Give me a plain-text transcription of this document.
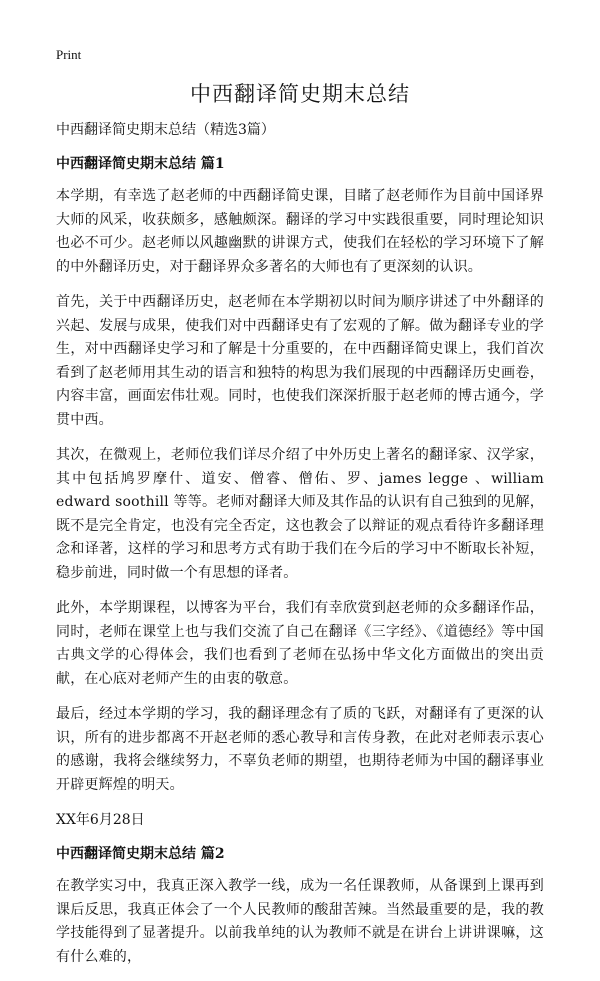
Print
中西翻译简史期末总结
中西翻译简史期末总结（精选3篇）
中西翻译简史期末总结 篇1

本学期，有幸选了赵老师的中西翻译简史课，目睹了赵老师作为目前中国译界大师的风采，收获颇多，感触颇深。翻译的学习中实践很重要，同时理论知识也必不可少。赵老师以风趣幽默的讲课方式，使我们在轻松的学习环境下了解的中外翻译历史，对于翻译界众多著名的大师也有了更深刻的认识。

首先，关于中西翻译历史，赵老师在本学期初以时间为顺序讲述了中外翻译的兴起、发展与成果，使我们对中西翻译史有了宏观的了解。做为翻译专业的学生，对中西翻译史学习和了解是十分重要的，在中西翻译简史课上，我们首次看到了赵老师用其生动的语言和独特的构思为我们展现的中西翻译历史画卷，内容丰富，画面宏伟壮观。同时，也使我们深深折服于赵老师的博古通今，学贯中西。

其次，在微观上，老师位我们详尽介绍了中外历史上著名的翻译家、汉学家，其中包括鸠罗摩什、道安、僧睿、僧佑、罗、james legge 、william　edward soothill 等等。老师对翻译大师及其作品的认识有自己独到的见解，既不是完全肯定，也没有完全否定，这也教会了以辩证的观点看待许多翻译理念和译著，这样的学习和思考方式有助于我们在今后的学习中不断取长补短，稳步前进，同时做一个有思想的译者。

此外，本学期课程，以博客为平台，我们有幸欣赏到赵老师的众多翻译作品，同时，老师在课堂上也与我们交流了自己在翻译《三字经》、《道德经》等中国古典文学的心得体会，我们也看到了老师在弘扬中华文化方面做出的突出贡献，在心底对老师产生的由衷的敬意。

最后，经过本学期的学习，我的翻译理念有了质的飞跃，对翻译有了更深的认识，所有的进步都离不开赵老师的悉心教导和言传身教，在此对老师表示衷心的感谢，我将会继续努力，不辜负老师的期望，也期待老师为中国的翻译事业开辟更辉煌的明天。

XX年6月28日
中西翻译简史期末总结 篇2

在教学实习中，我真正深入教学一线，成为一名任课教师，从备课到上课再到课后反思，我真正体会了一个人民教师的酸甜苦辣。当然最重要的是，我的教学技能得到了显著提升。以前我单纯的认为教师不就是在讲台上讲讲课嘛，这有什么难的，
